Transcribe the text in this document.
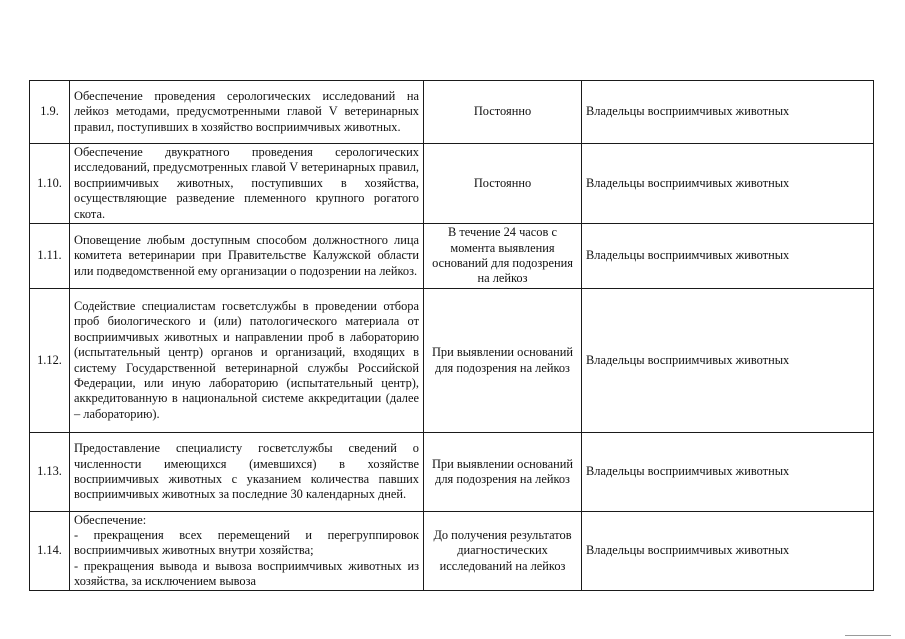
1.9.	Обеспечение проведения серологических исследований на лейкоз методами, предусмотренными главой V ветеринарных правил, поступивших в хозяйство восприимчивых животных.	Постоянно	Владельцы восприимчивых животных
1.10.	Обеспечение двукратного проведения серологических исследований, предусмотренных главой V ветеринарных правил, восприимчивых животных, поступивших в хозяйства, осуществляющие разведение племенного крупного рогатого скота.	Постоянно	Владельцы восприимчивых животных
1.11.	Оповещение любым доступным способом должностного лица комитета ветеринарии при Правительстве Калужской области или подведомственной ему организации о подозрении на лейкоз.	В течение 24 часов с момента выявления оснований для подозрения на лейкоз	Владельцы восприимчивых животных
1.12.	Содействие специалистам госветслужбы в проведении отбора проб биологического и (или) патологического материала от восприимчивых животных и направлении проб в лабораторию (испытательный центр) органов и организаций, входящих в систему Государственной ветеринарной службы Российской Федерации, или иную лабораторию (испытательный центр), аккредитованную в национальной системе аккредитации (далее – лабораторию).	При выявлении оснований для подозрения на лейкоз	Владельцы восприимчивых животных
1.13.	Предоставление специалисту госветслужбы сведений о численности имеющихся (имевшихся) в хозяйстве восприимчивых животных с указанием количества павших восприимчивых животных за последние 30 календарных дней.	При выявлении оснований для подозрения на лейкоз	Владельцы восприимчивых животных
1.14.	Обеспечение:
- прекращения всех перемещений и перегруппировок восприимчивых животных внутри хозяйства;
- прекращения вывода и вывоза восприимчивых животных из хозяйства, за исключением вывоза	До получения результатов диагностических исследований на лейкоз	Владельцы восприимчивых животных
